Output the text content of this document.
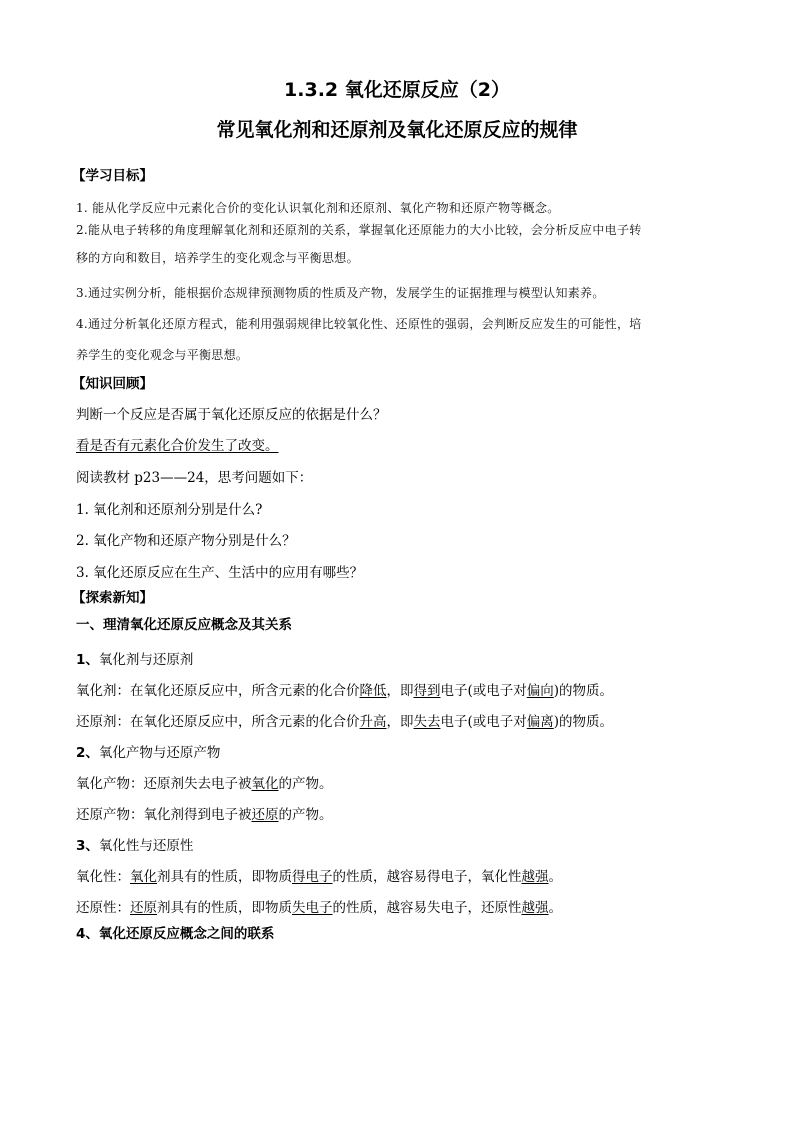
1.3.2 氧化还原反应（2）
常见氧化剂和还原剂及氧化还原反应的规律
【学习目标】
1. 能从化学反应中元素化合价的变化认识氧化剂和还原剂、氧化产物和还原产物等概念。
2.能从电子转移的角度理解氧化剂和还原剂的关系，掌握氧化还原能力的大小比较，会分析反应中电子转
移的方向和数目，培养学生的变化观念与平衡思想。
3.通过实例分析，能根据价态规律预测物质的性质及产物，发展学生的证据推理与模型认知素养。
4.通过分析氧化还原方程式，能利用强弱规律比较氧化性、还原性的强弱，会判断反应发生的可能性，培
养学生的变化观念与平衡思想。
【知识回顾】
判断一个反应是否属于氧化还原反应的依据是什么？
看是否有元素化合价发生了改变。
阅读教材 p23——24，思考问题如下：
1. 氧化剂和还原剂分别是什么?
2. 氧化产物和还原产物分别是什么？
3. 氧化还原反应在生产、生活中的应用有哪些？
【探索新知】
一、理清氧化还原反应概念及其关系
1、氧化剂与还原剂
氧化剂：在氧化还原反应中，所含元素的化合价降低，即得到电子(或电子对偏向)的物质。
还原剂：在氧化还原反应中，所含元素的化合价升高，即失去电子(或电子对偏离)的物质。
2、氧化产物与还原产物
氧化产物：还原剂失去电子被氧化的产物。
还原产物：氧化剂得到电子被还原的产物。
3、氧化性与还原性
氧化性：氧化剂具有的性质，即物质得电子的性质，越容易得电子，氧化性越强。
还原性：还原剂具有的性质，即物质失电子的性质，越容易失电子，还原性越强。
4、氧化还原反应概念之间的联系
